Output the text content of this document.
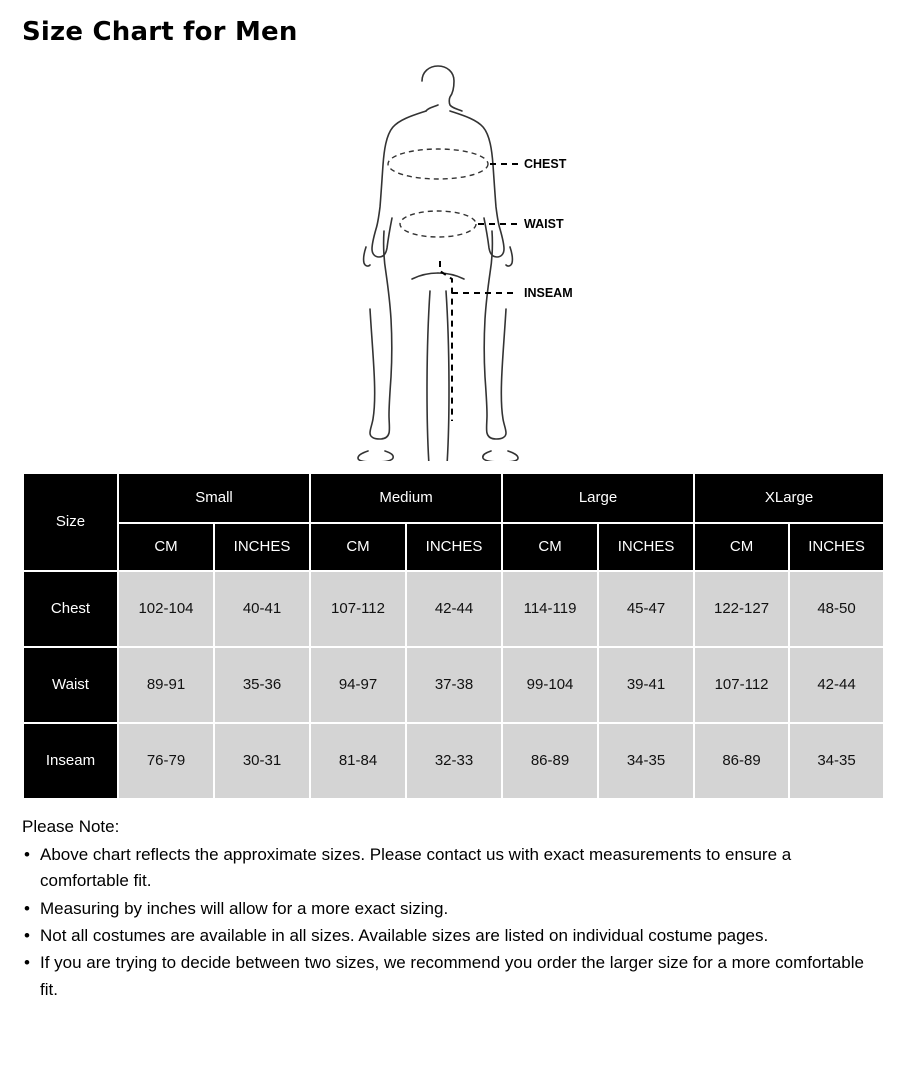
Size Chart for Men
CHEST
WAIST
INSEAM
Size	Small		Medium		Large		XLarge	
	CM	INCHES	CM	INCHES	CM	INCHES	CM	INCHES
Chest	102-104	40-41	107-112	42-44	114-119	45-47	122-127	48-50
Waist	89-91	35-36	94-97	37-38	99-104	39-41	107-112	42-44
Inseam	76-79	30-31	81-84	32-33	86-89	34-35	86-89	34-35
Please Note:
• Above chart reflects the approximate sizes. Please contact us with exact measurements to ensure a comfortable fit.
• Measuring by inches will allow for a more exact sizing.
• Not all costumes are available in all sizes. Available sizes are listed on individual costume pages.
• If you are trying to decide between two sizes, we recommend you order the larger size for a more comfortable fit.
